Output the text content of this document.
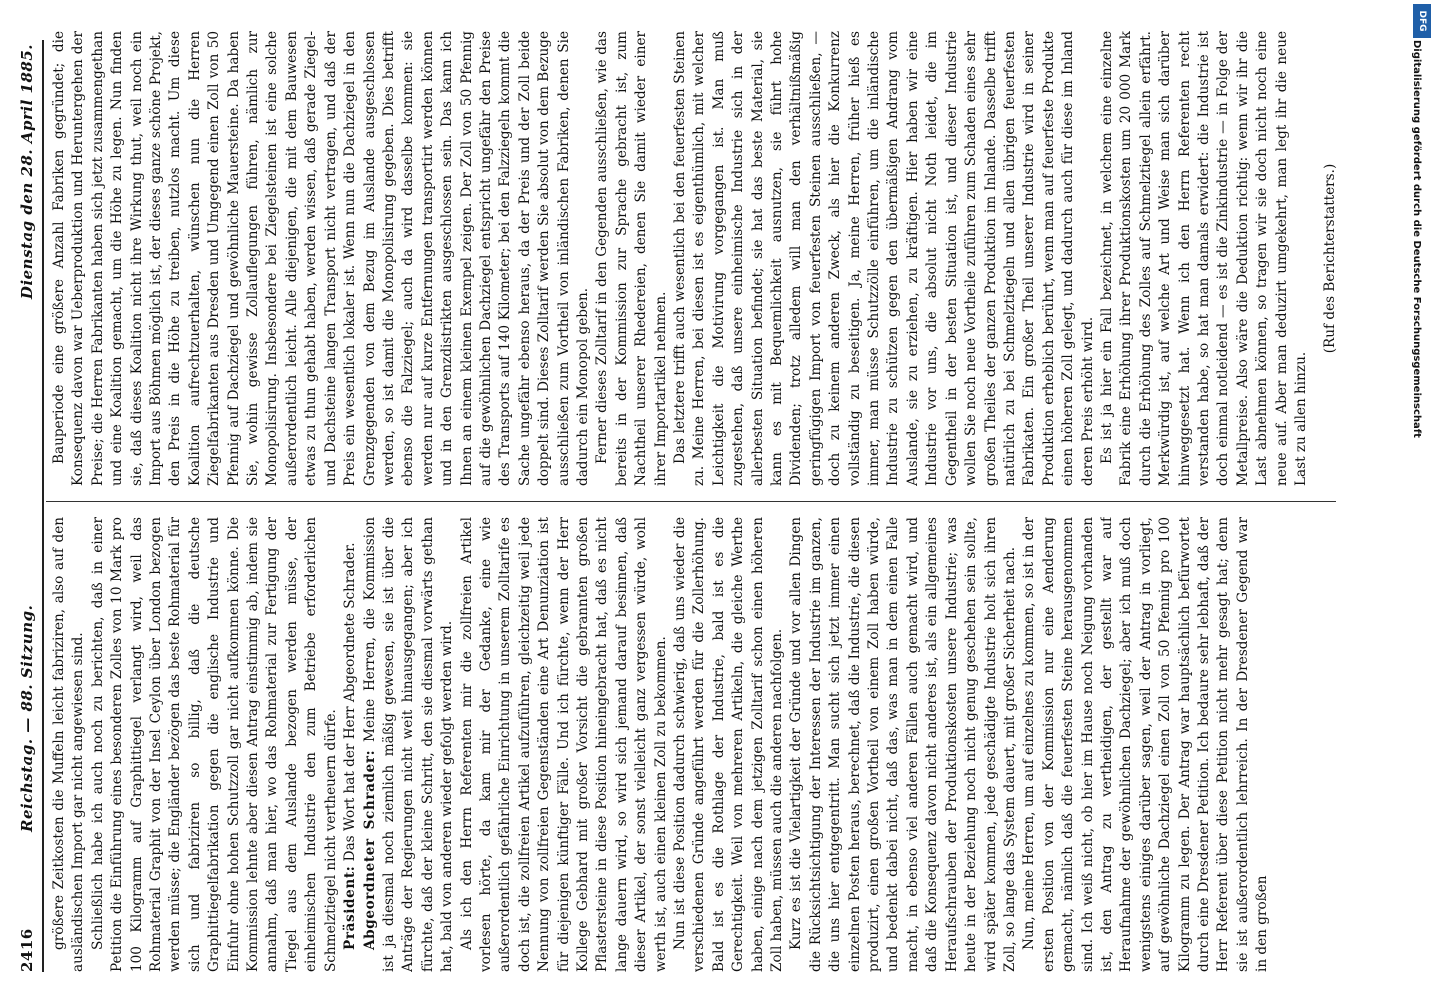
2416
Reichstag. — 88. Sitzung.
Dienstag den 28. April 1885.

größere Zeitkosten die Muffeln leicht fabriziren, also auf den ausländischen Import gar nicht angewiesen sind. Schließlich habe ich auch noch zu berichten, daß in einer Petition die Einführung eines besonderen Zolles von 10 Mark pro 100 Kilogramm auf Graphittiegel verlangt wird, weil das Rohmaterial Graphit von der Insel Ceylon über London bezogen werden müsse; die Engländer bezögen das beste Rohmaterial für sich und fabriziren so billig, daß die deutsche Graphittiegelfabrikation gegen die englische Industrie und Einfuhr ohne hohen Schutzzoll gar nicht aufkommen könne. Die Kommission lehnte aber diesen Antrag einstimmig ab, indem sie annahm, daß man hier, wo das Rohmaterial zur Fertigung der Tiegel aus dem Auslande bezogen werden müsse, der einheimischen Industrie den zum Betriebe erforderlichen Schmelztiegel nicht vertheuern dürfe. Präsident: Das Wort hat der Herr Abgeordnete Schrader. Abgeordneter Schrader: Meine Herren, die Kommission ist ja diesmal noch ziemlich mäßig gewesen, sie ist über die Anträge der Regierungen nicht weit hinausgegangen; aber ich fürchte, daß der kleine Schritt, den sie diesmal vorwärts gethan hat, bald von anderen wieder gefolgt werden wird. Als ich den Herrn Referenten mir die zollfreien Artikel vorlesen hörte, da kam mir der Gedanke, eine wie außerordentlich gefährliche Einrichtung in unserem Zolltarife es doch ist, die zollfreien Artikel aufzuführen, gleichzeitig weil jede Nennung von zollfreien Gegenständen eine Art Denunziation ist für diejenigen künftiger Fälle. Und ich fürchte, wenn der Herr Kollege Gebhard mit großer Vorsicht die gebrannten großen Pflastersteine in diese Position hineingebracht hat, daß es nicht lange dauern wird, so wird sich jemand darauf besinnen, daß dieser Artikel, der sonst vielleicht ganz vergessen würde, wohl werth ist, auch einen kleinen Zoll zu bekommen. Nun ist diese Position dadurch schwierig, daß uns wieder die verschiedenen Gründe angeführt werden für die Zollerhöhung. Bald ist es die Rothlage der Industrie, bald ist es die Gerechtigkeit. Weil von mehreren Artikeln, die gleiche Werthe haben, einige nach dem jetzigen Zolltarif schon einen höheren Zoll haben, müssen auch die anderen nachfolgen. Kurz es ist die Vielartigkeit der Gründe und vor allen Dingen die Rücksichtsichtigung der Interessen der Industrie im ganzen, die uns hier entgegentritt. Man sucht sich jetzt immer einen einzelnen Posten heraus, berechnet, daß die Industrie, die diesen produzirt, einen großen Vortheil von einem Zoll haben würde, und bedenkt dabei nicht, daß das, was man in dem einen Falle macht, in ebenso viel anderen Fällen auch gemacht wird, und daß die Konsequenz davon nicht anderes ist, als ein allgemeines Heraufschrauben der Produktionskosten unsere Industrie; was heute in der Beziehung noch nicht genug geschehen sein sollte, wird später kommen, jede geschädigte Industrie holt sich ihren Zoll, so lange das System dauert, mit großer Sicherheit nach. Nun, meine Herren, um auf einzelnes zu kommen, so ist in der ersten Position von der Kommission nur eine Aenderung gemacht, nämlich daß die feuerfesten Steine herausgenommen sind. Ich weiß nicht, ob hier im Hause noch Neigung vorhanden ist, den Antrag zu vertheidigen, der gestellt war auf Heraufnahme der gewöhnlichen Dachziegel; aber ich muß doch wenigstens einiges darüber sagen, weil der Antrag in vorliegt, auf gewöhnliche Dachziegel einen Zoll von 50 Pfennig pro 100 Kilogramm zu legen. Der Antrag war hauptsächlich befürwortet durch eine Dresdener Petition. Ich bedaure sehr lebhaft, daß der Herr Referent über diese Petition nicht mehr gesagt hat; denn sie ist außerordentlich lehrreich. In der Dresdener Gegend war in den großen

Bauperiode eine größere Anzahl Fabriken gegründet; die Konsequenz davon war Ueberproduktion und Heruntergehen der Preise; die Herren Fabrikanten haben sich jetzt zusammengethan und eine Koalition gemacht, um die Höhe zu legen. Nun finden sie, daß dieses Koalition nicht ihre Wirkung thut, weil noch ein Import aus Böhmen möglich ist, der dieses ganze schöne Projekt, den Preis in die Höhe zu treiben, nutzlos macht. Um diese Koalition aufrechtzuerhalten, wünschen nun die Herren Ziegelfabrikanten aus Dresden und Umgegend einen Zoll von 50 Pfennig auf Dachziegel und gewöhnliche Mauersteine. Da haben Sie, wohin gewisse Zollauflegungen führen, nämlich zur Monopolisirung. Insbesondere bei Ziegelsteinen ist eine solche außerordentlich leicht. Alle diejenigen, die mit dem Bauwesen etwas zu thun gehabt haben, werden wissen, daß gerade Ziegel- und Dachsteine langen Transport nicht vertragen, und daß der Preis ein wesentlich lokaler ist. Wenn nun die Dachziegel in den Grenzgegenden von dem Bezug im Auslande ausgeschlossen werden, so ist damit die Monopolisirung gegeben. Dies betrifft ebenso die Falzziegel; auch da wird dasselbe kommen: sie werden nur auf kurze Entfernungen transportirt werden können und in den Grenzdistrikten ausgeschlossen sein. Das kann ich Ihnen an einem kleinen Exempel zeigen. Der Zoll von 50 Pfennig auf die gewöhnlichen Dachziegel entspricht ungefähr den Preise des Transports auf 140 Kilometer; bei den Falzziegeln kommt die Sache ungefähr ebenso heraus, da der Preis und der Zoll beide doppelt sind. Dieses Zolltarif werden Sie absolut von dem Bezuge ausschließen zum Vortheil von inländischen Fabriken, denen Sie dadurch ein Monopol geben. Ferner dieses Zolltarif in den Gegenden ausschließen, wie das bereits in der Kommission zur Sprache gebracht ist, zum Nachtheil unserer Rhedereien, denen Sie damit wieder einer ihrer Importartikel nehmen. Das letztere trifft auch wesentlich bei den feuerfesten Steinen zu. Meine Herren, bei diesen ist es eigenthümlich, mit welcher Leichtigkeit die Motivirung vorgegangen ist. Man muß zugestehen, daß unsere einheimische Industrie sich in der allerbesten Situation befindet; sie hat das beste Material, sie kann es mit Bequemlichkeit ausnutzen, sie führt hohe Dividenden; trotz alledem will man den verhältnißmäßig geringfügigen Import von feuerfesten Steinen ausschließen, — doch zu keinem anderen Zweck, als hier die Konkurrenz vollständig zu beseitigen. Ja, meine Herren, früher hieß es immer, man müsse Schutzzölle einführen, um die inländische Industrie zu schützen gegen den übermäßigen Andrang vom Auslande, sie zu erziehen, zu kräftigen. Hier haben wir eine Industrie vor uns, die absolut nicht Noth leidet, die im Gegentheil in der besten Situation ist, und dieser Industrie wollen Sie noch neue Vortheile zuführen zum Schaden eines sehr großen Theiles der ganzen Produktion im Inlande. Dasselbe trifft natürlich zu bei Schmelztiegeln und allen übrigen feuerfesten Fabrikaten. Ein großer Theil unserer Industrie wird in seiner Produktion erheblich berührt, wenn man auf feuerfeste Produkte einen höheren Zoll gelegt, und dadurch auch für diese im Inland deren Preis erhöht wird. Es ist ja hier ein Fall bezeichnet, in welchem eine einzelne Fabrik eine Erhöhung ihrer Produktionskosten um 20 000 Mark durch die Erhöhung des Zolles auf Schmelztiegel allein erfährt. Merkwürdig ist, auf welche Art und Weise man sich darüber hinweggesetzt hat. Wenn ich den Herrn Referenten recht verstanden habe, so hat man damals erwidert: die Industrie ist doch einmal notleidend — es ist die Zinkindustrie — in Folge der Metallpreise. Also wäre die Deduktion richtig: wenn wir ihr die Last abnehmen können, so tragen wir sie doch nicht noch eine neue auf. Aber man deduzirt umgekehrt, man legt ihr die neue Last zu allen hinzu.

(Ruf des Berichterstatters.)

DFG
Digitalisierung gefördert durch die Deutsche Forschungsgemeinschaft
